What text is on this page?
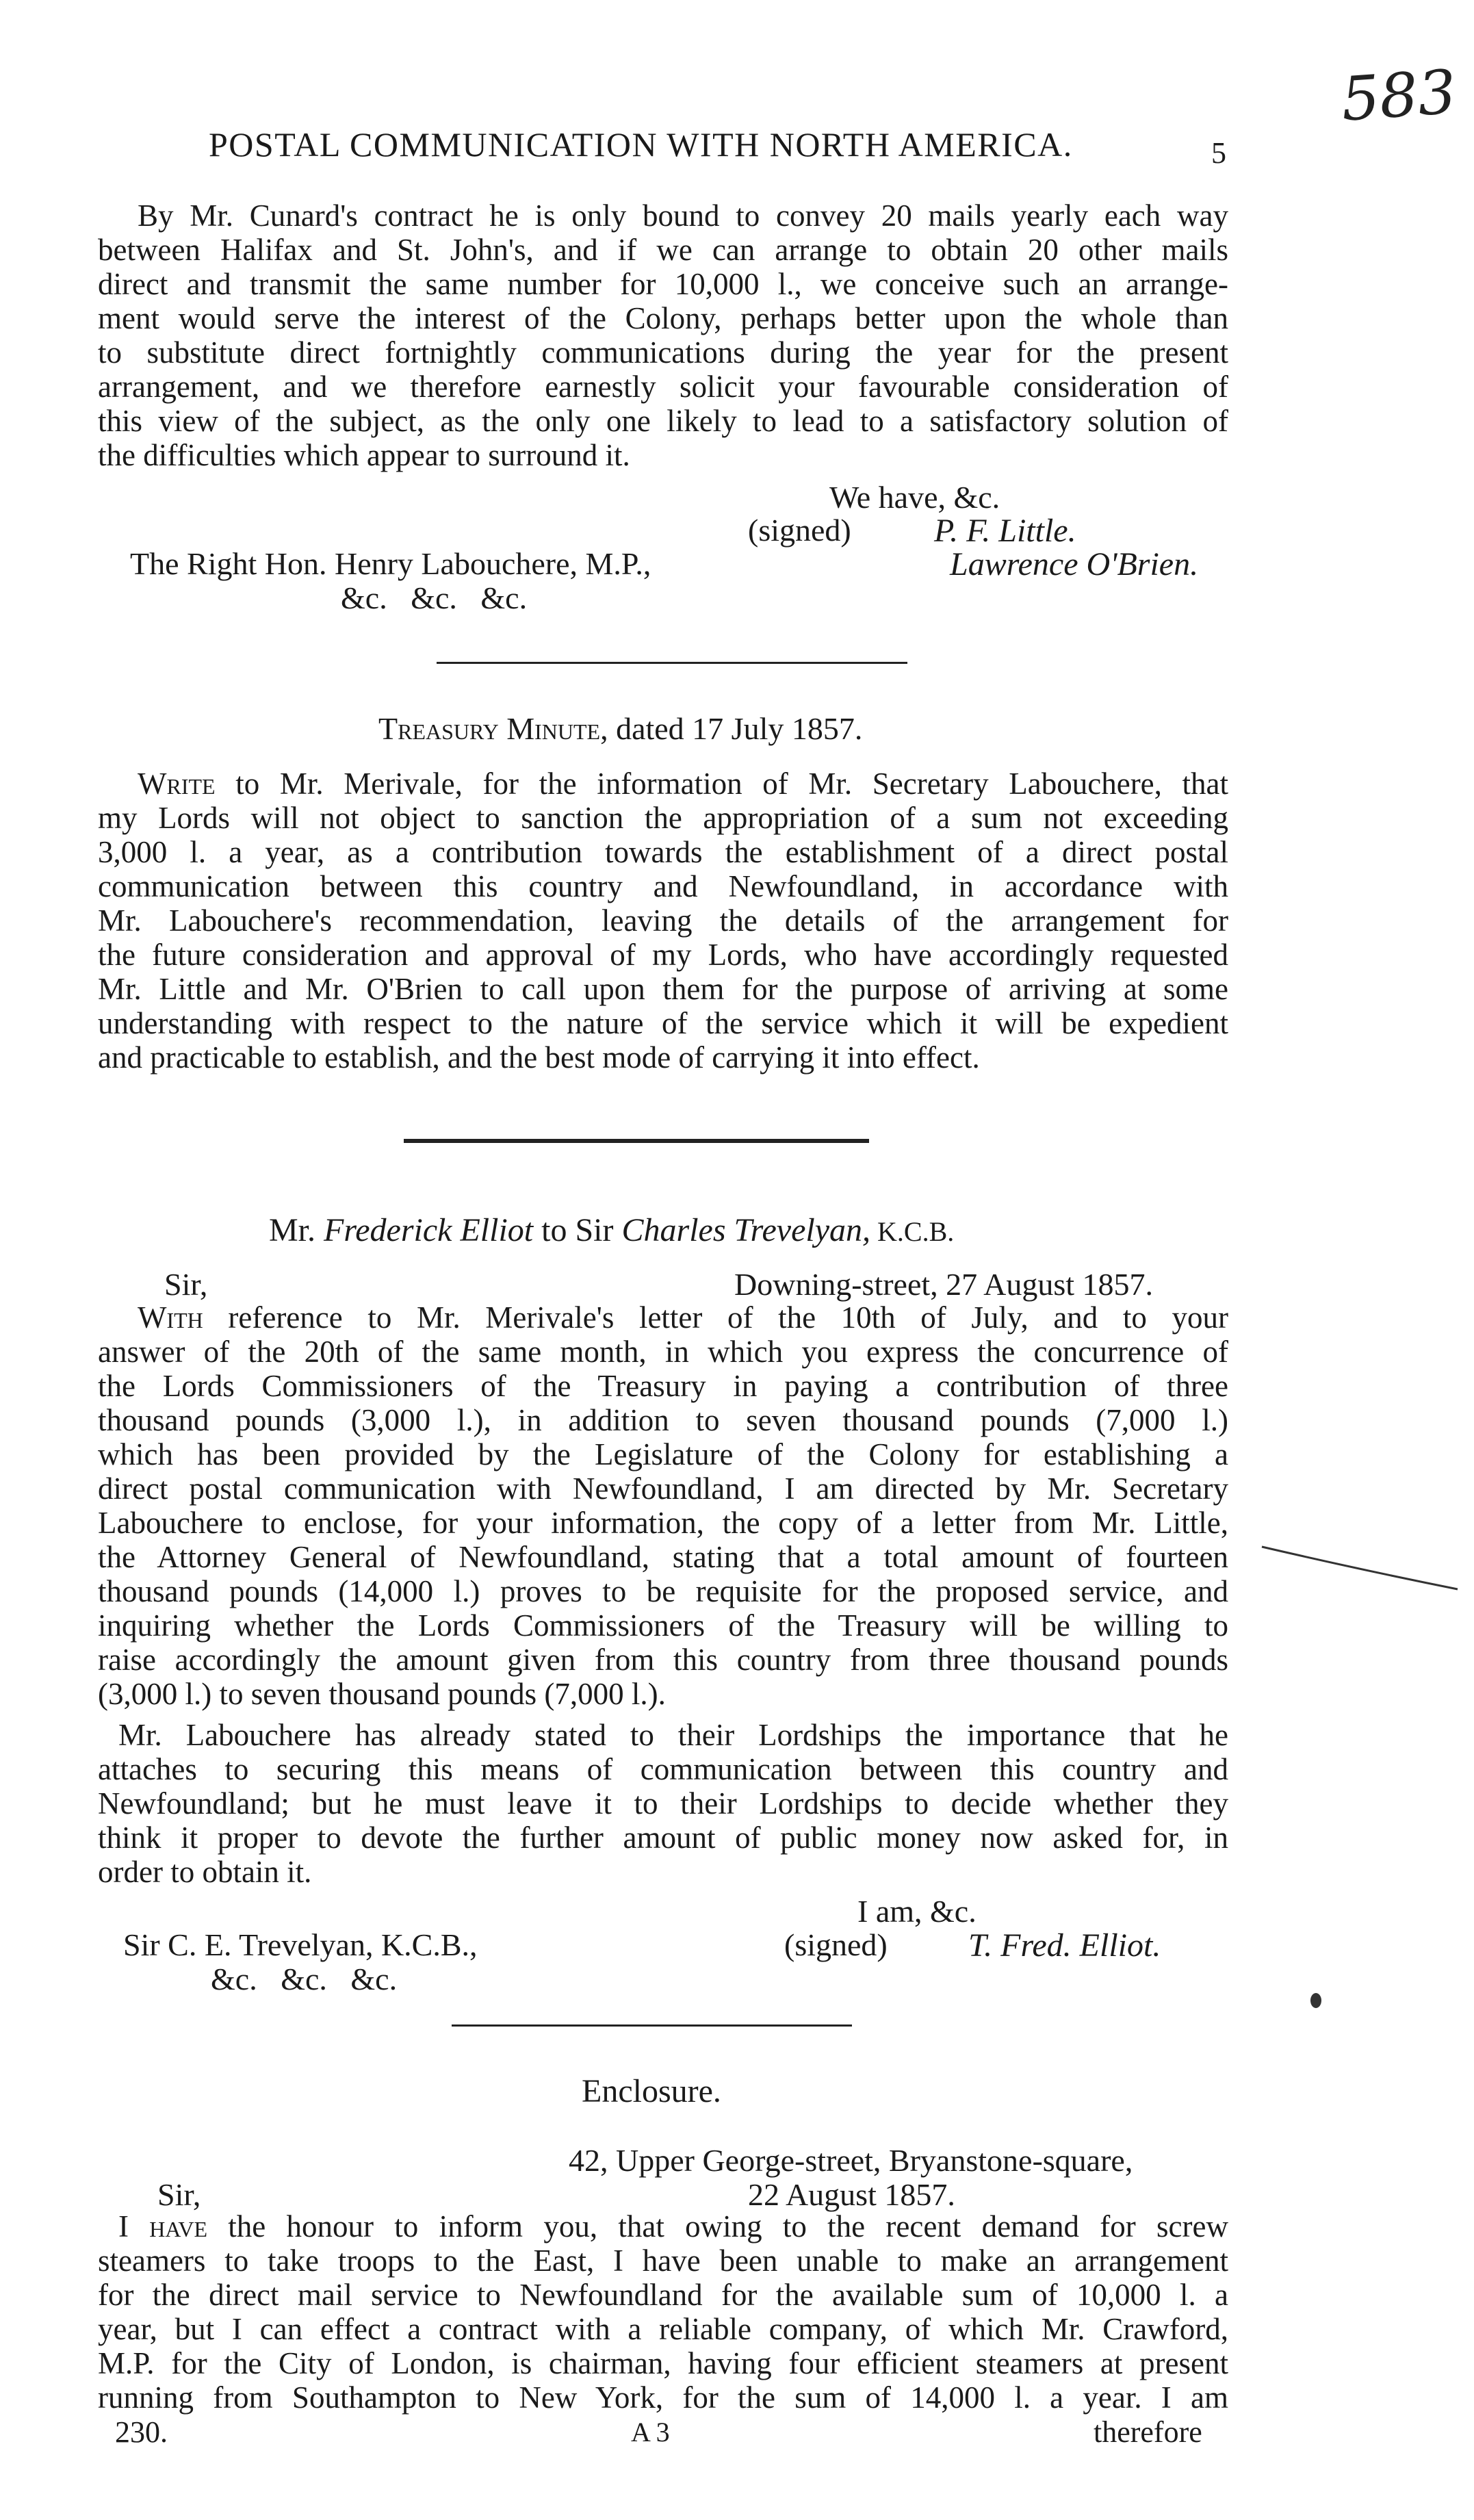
583
POSTAL COMMUNICATION WITH NORTH AMERICA.	5
By Mr. Cunard's contract he is only bound to convey 20 mails yearly each way
between Halifax and St. John's, and if we can arrange to obtain 20 other mails
direct and transmit the same number for 10,000 l., we conceive such an arrange-
ment would serve the interest of the Colony, perhaps better upon the whole than
to substitute direct fortnightly communications during the year for the present
arrangement, and we therefore earnestly solicit your favourable consideration of
this view of the subject, as the only one likely to lead to a satisfactory solution of
the difficulties which appear to surround it.
We have, &c.
(signed)	P. F. Little.
The Right Hon. Henry Labouchere, M.P.,	Lawrence O'Brien.
&c.   &c.   &c.
Treasury Minute, dated 17 July 1857.
Write to Mr. Merivale, for the information of Mr. Secretary Labouchere, that
my Lords will not object to sanction the appropriation of a sum not exceeding
3,000 l. a year, as a contribution towards the establishment of a direct postal
communication between this country and Newfoundland, in accordance with
Mr. Labouchere's recommendation, leaving the details of the arrangement for
the future consideration and approval of my Lords, who have accordingly requested
Mr. Little and Mr. O'Brien to call upon them for the purpose of arriving at some
understanding with respect to the nature of the service which it will be expedient
and practicable to establish, and the best mode of carrying it into effect.
Mr. Frederick Elliot to Sir Charles Trevelyan, K.C.B.
Sir,	Downing-street, 27 August 1857.
With reference to Mr. Merivale's letter of the 10th of July, and to your
answer of the 20th of the same month, in which you express the concurrence of
the Lords Commissioners of the Treasury in paying a contribution of three
thousand pounds (3,000 l.), in addition to seven thousand pounds (7,000 l.)
which has been provided by the Legislature of the Colony for establishing a
direct postal communication with Newfoundland, I am directed by Mr. Secretary
Labouchere to enclose, for your information, the copy of a letter from Mr. Little,
the Attorney General of Newfoundland, stating that a total amount of fourteen
thousand pounds (14,000 l.) proves to be requisite for the proposed service, and
inquiring whether the Lords Commissioners of the Treasury will be willing to
raise accordingly the amount given from this country from three thousand pounds
(3,000 l.) to seven thousand pounds (7,000 l.).
Mr. Labouchere has already stated to their Lordships the importance that he
attaches to securing this means of communication between this country and
Newfoundland; but he must leave it to their Lordships to decide whether they
think it proper to devote the further amount of public money now asked for, in
order to obtain it.
I am, &c.
Sir C. E. Trevelyan, K.C.B.,	(signed) T. Fred. Elliot.
&c.   &c.   &c.
Enclosure.
42, Upper George-street, Bryanstone-square,
Sir,	22 August 1857.
I have the honour to inform you, that owing to the recent demand for screw
steamers to take troops to the East, I have been unable to make an arrangement
for the direct mail service to Newfoundland for the available sum of 10,000 l. a
year, but I can effect a contract with a reliable company, of which Mr. Crawford,
M.P. for the City of London, is chairman, having four efficient steamers at present
running from Southampton to New York, for the sum of 14,000 l. a year. I am
230.	A 3	therefore
